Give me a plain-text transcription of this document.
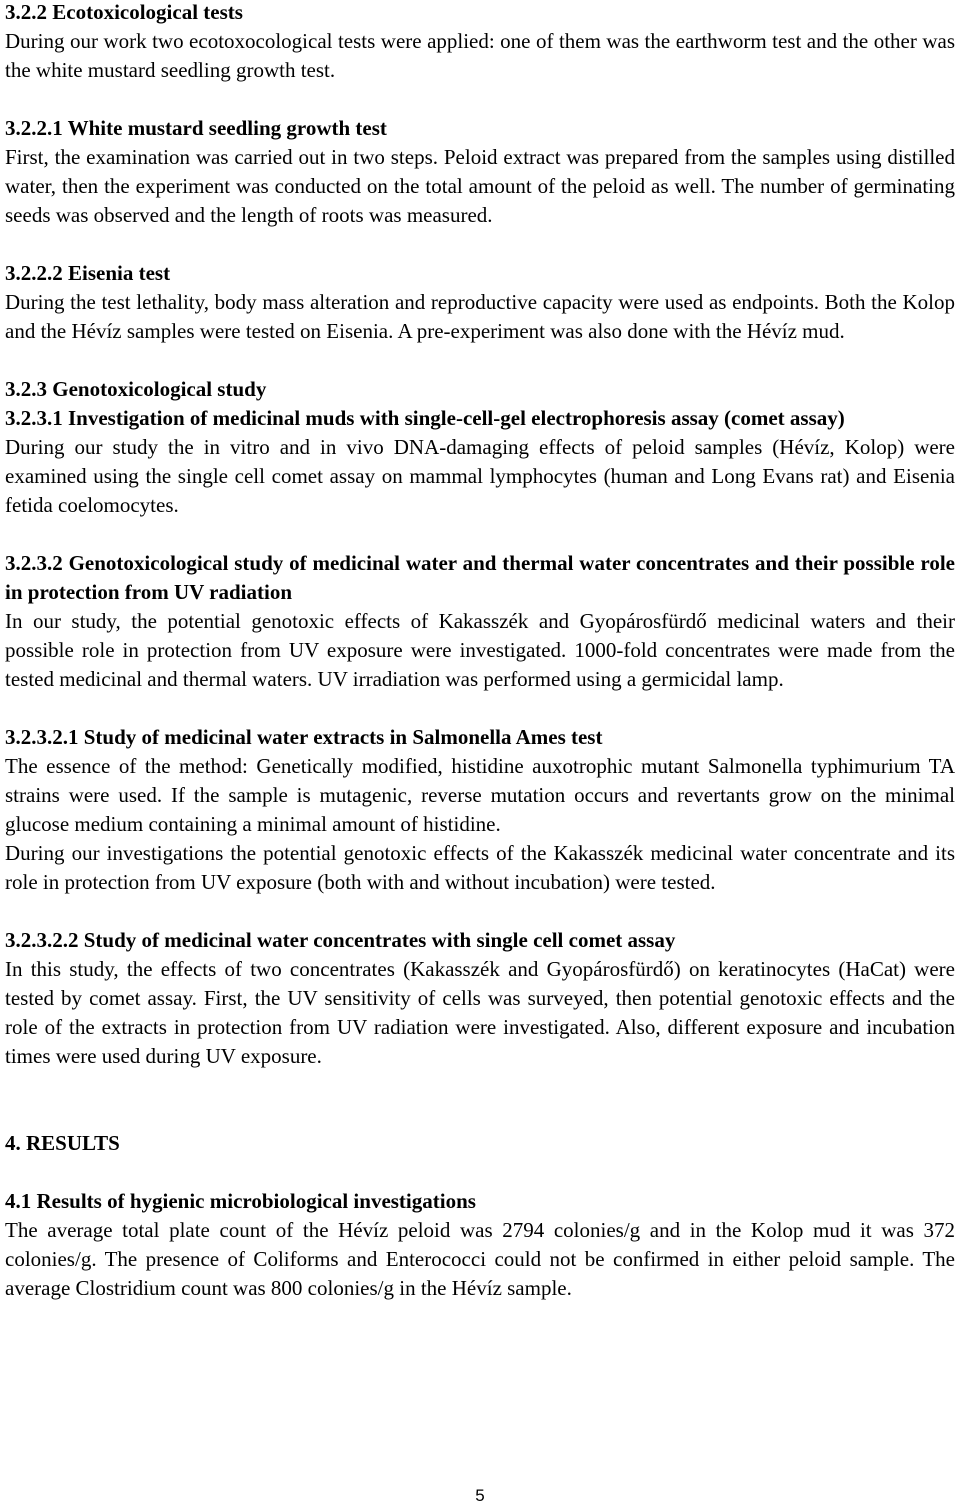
3.2.2 Ecotoxicological tests

During our work two ecotoxocological tests were applied: one of them was the earthworm test and the other was the white mustard seedling growth test.

3.2.2.1 White mustard seedling growth test

First, the examination was carried out in two steps. Peloid extract was prepared from the samples using distilled water, then the experiment was conducted on the total amount of the peloid as well. The number of germinating seeds was observed and the length of roots was measured.

3.2.2.2 Eisenia test

During the test lethality, body mass alteration and reproductive capacity were used as endpoints. Both the Kolop and the Hévíz samples were tested on Eisenia. A pre-experiment was also done with the Hévíz mud.

3.2.3 Genotoxicological study
3.2.3.1 Investigation of medicinal muds with single-cell-gel electrophoresis assay (comet assay)

During our study the in vitro and in vivo DNA-damaging effects of peloid samples (Hévíz, Kolop) were examined using the single cell comet assay on mammal lymphocytes (human and Long Evans rat) and Eisenia fetida coelomocytes.

3.2.3.2 Genotoxicological study of medicinal water and thermal water concentrates and their possible role in protection from UV radiation

In our study, the potential genotoxic effects of Kakasszék and Gyopárosfürdő medicinal waters and their possible role in protection from UV exposure were investigated. 1000-fold concentrates were made from the tested medicinal and thermal waters. UV irradiation was performed using a germicidal lamp.

3.2.3.2.1 Study of medicinal water extracts in Salmonella Ames test

The essence of the method: Genetically modified, histidine auxotrophic mutant Salmonella typhimurium TA strains were used. If the sample is mutagenic, reverse mutation occurs and revertants grow on the minimal glucose medium containing a minimal amount of histidine.

During our investigations the potential genotoxic effects of the Kakasszék medicinal water concentrate and its role in protection from UV exposure (both with and without incubation) were tested.

3.2.3.2.2 Study of medicinal water concentrates with single cell comet assay

In this study, the effects of two concentrates (Kakasszék and Gyopárosfürdő) on keratinocytes (HaCat) were tested by comet assay. First, the UV sensitivity of cells was surveyed, then potential genotoxic effects and the role of the extracts in protection from UV radiation were investigated. Also, different exposure and incubation times were used during UV exposure.

4. RESULTS
4.1 Results of hygienic microbiological investigations

The average total plate count of the Hévíz peloid was 2794 colonies/g and in the Kolop mud it was 372 colonies/g. The presence of Coliforms and Enterococci could not be confirmed in either peloid sample. The average Clostridium count was 800 colonies/g in the Hévíz sample.

5
